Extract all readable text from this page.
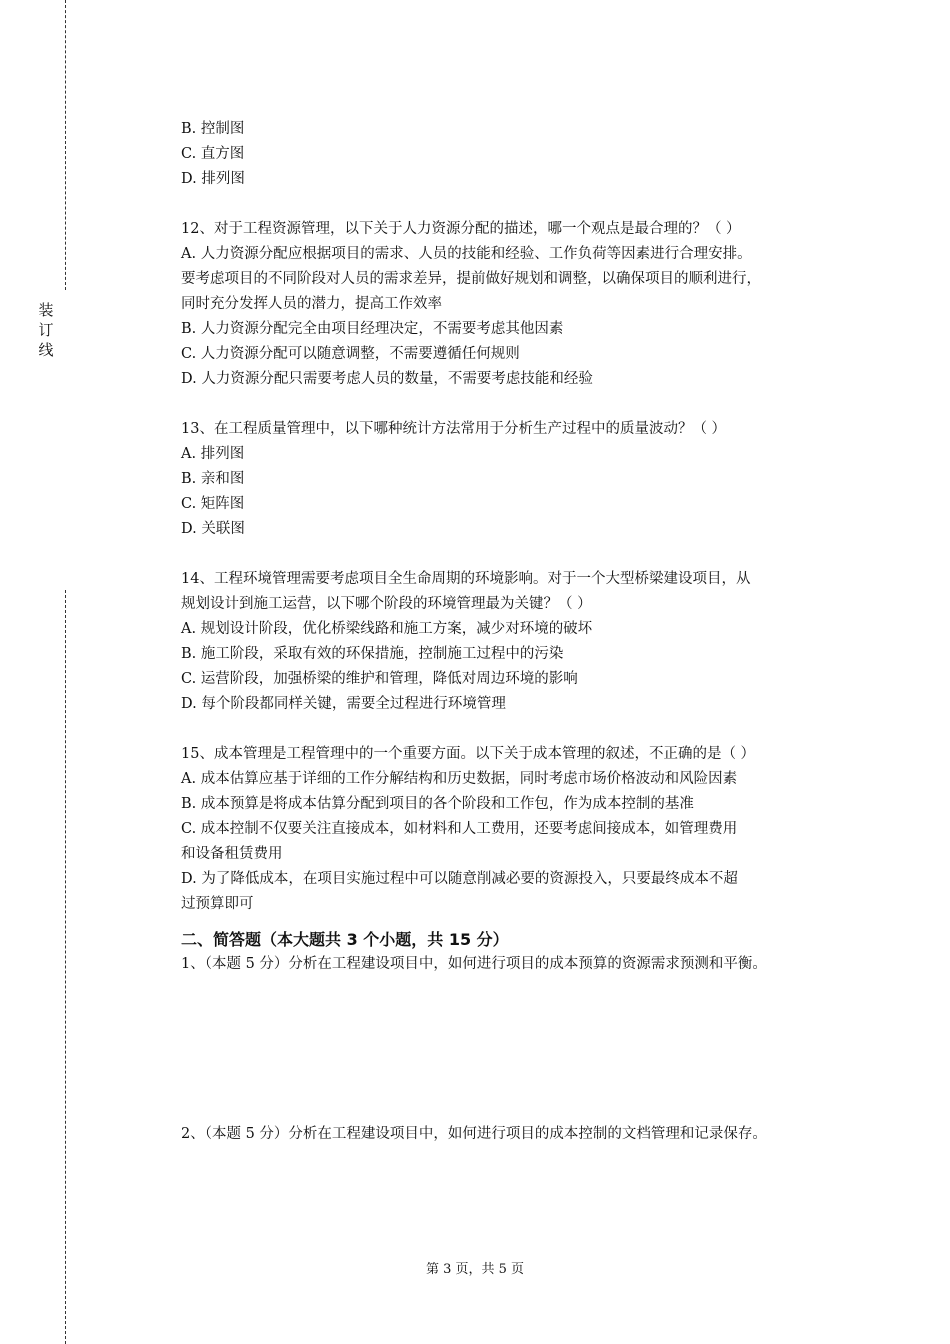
装
订
线
B. 控制图
C. 直方图
D. 排列图
12、对于工程资源管理，以下关于人力资源分配的描述，哪一个观点是最合理的？（ ）
A. 人力资源分配应根据项目的需求、人员的技能和经验、工作负荷等因素进行合理安排。
要考虑项目的不同阶段对人员的需求差异，提前做好规划和调整，以确保项目的顺利进行，
同时充分发挥人员的潜力，提高工作效率
B. 人力资源分配完全由项目经理决定，不需要考虑其他因素
C. 人力资源分配可以随意调整，不需要遵循任何规则
D. 人力资源分配只需要考虑人员的数量，不需要考虑技能和经验
13、在工程质量管理中，以下哪种统计方法常用于分析生产过程中的质量波动？（ ）
A. 排列图
B. 亲和图
C. 矩阵图
D. 关联图
14、工程环境管理需要考虑项目全生命周期的环境影响。对于一个大型桥梁建设项目，从
规划设计到施工运营，以下哪个阶段的环境管理最为关键？（ ）
A. 规划设计阶段，优化桥梁线路和施工方案，减少对环境的破坏
B. 施工阶段，采取有效的环保措施，控制施工过程中的污染
C. 运营阶段，加强桥梁的维护和管理，降低对周边环境的影响
D. 每个阶段都同样关键，需要全过程进行环境管理
15、成本管理是工程管理中的一个重要方面。以下关于成本管理的叙述，不正确的是（ ）
A. 成本估算应基于详细的工作分解结构和历史数据，同时考虑市场价格波动和风险因素
B. 成本预算是将成本估算分配到项目的各个阶段和工作包，作为成本控制的基准
C. 成本控制不仅要关注直接成本，如材料和人工费用，还要考虑间接成本，如管理费用
和设备租赁费用
D. 为了降低成本，在项目实施过程中可以随意削减必要的资源投入，只要最终成本不超
过预算即可
二、简答题（本大题共 3 个小题，共 15 分）
1、（本题 5 分）分析在工程建设项目中，如何进行项目的成本预算的资源需求预测和平衡。
2、（本题 5 分）分析在工程建设项目中，如何进行项目的成本控制的文档管理和记录保存。
第 3 页，共 5 页
